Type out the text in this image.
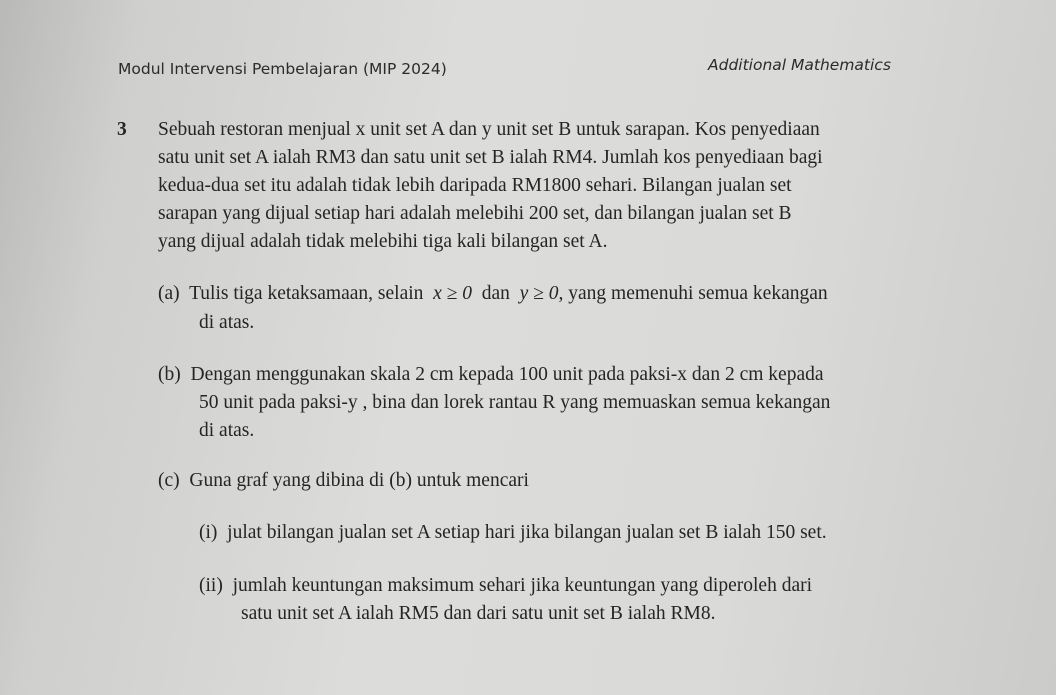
Modul Intervensi Pembelajaran (MIP 2024)	Additional Mathematics
3 Sebuah restoran menjual x unit set A dan y unit set B untuk sarapan. Kos penyediaan
satu unit set A ialah RM3 dan satu unit set B ialah RM4. Jumlah kos penyediaan bagi
kedua-dua set itu adalah tidak lebih daripada RM1800 sehari. Bilangan jualan set
sarapan yang dijual setiap hari adalah melebihi 200 set, dan bilangan jualan set B
yang dijual adalah tidak melebihi tiga kali bilangan set A.
(a) Tulis tiga ketaksamaan, selain x ≥ 0 dan y ≥ 0, yang memenuhi semua kekangan
di atas.
(b) Dengan menggunakan skala 2 cm kepada 100 unit pada paksi-x dan 2 cm kepada
50 unit pada paksi-y , bina dan lorek rantau R yang memuaskan semua kekangan
di atas.
(c) Guna graf yang dibina di (b) untuk mencari
(i) julat bilangan jualan set A setiap hari jika bilangan jualan set B ialah 150 set.
(ii) jumlah keuntungan maksimum sehari jika keuntungan yang diperoleh dari
satu unit set A ialah RM5 dan dari satu unit set B ialah RM8.
